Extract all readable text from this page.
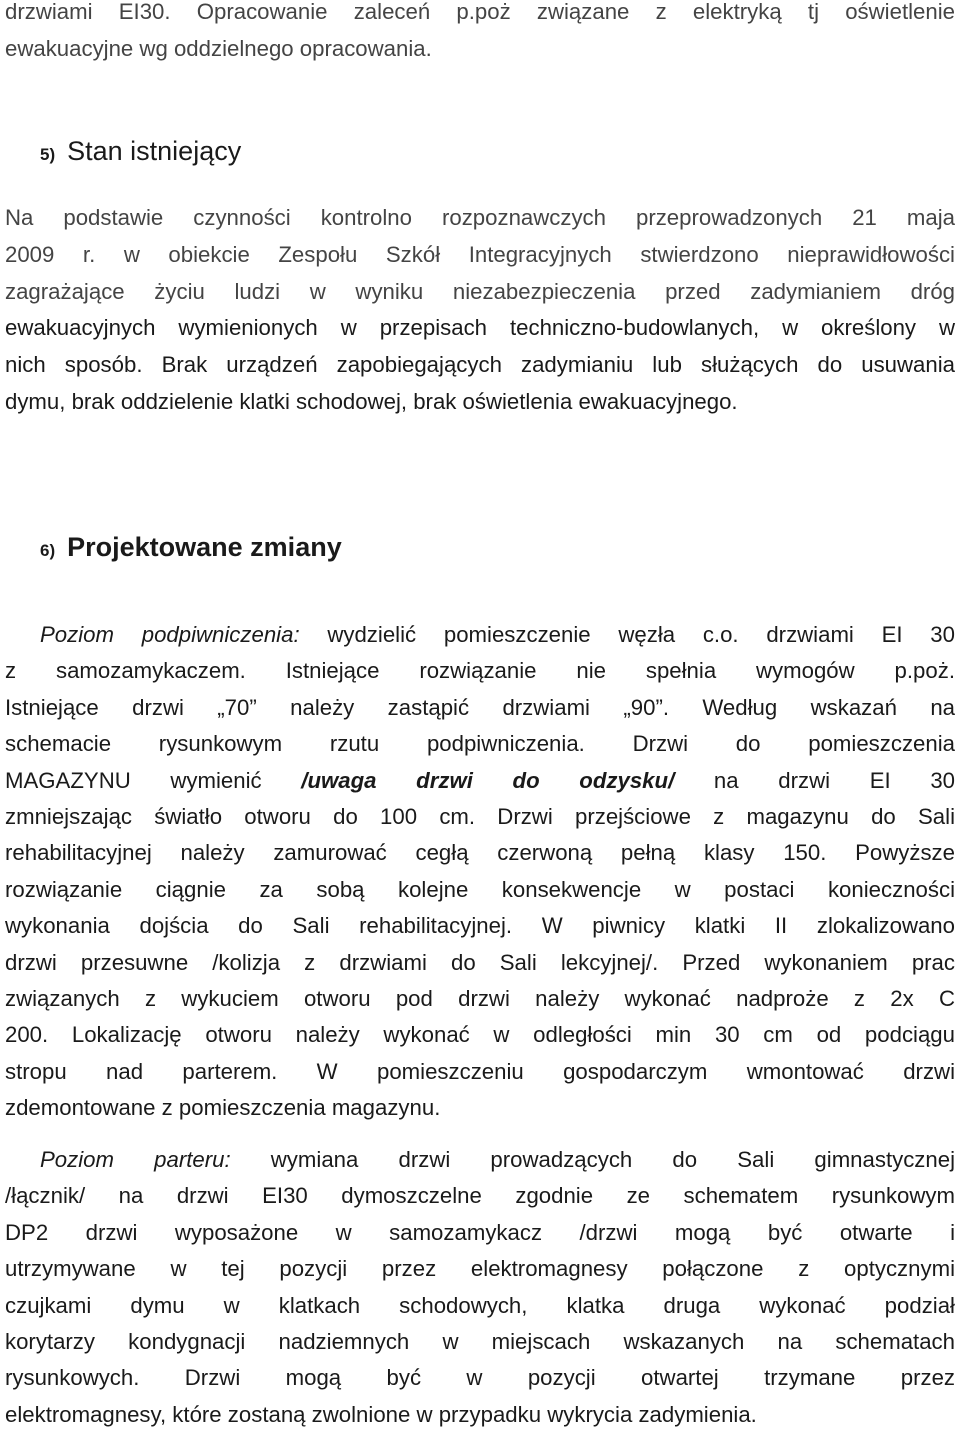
drzwiami EI30. Opracowanie zaleceń p.poż związane z elektryką tj oświetlenie

ewakuacyjne wg oddzielnego opracowania.

5) Stan istniejący

Na podstawie czynności kontrolno rozpoznawczych przeprowadzonych 21 maja

2009 r. w obiekcie Zespołu Szkół Integracyjnych stwierdzono nieprawidłowości

zagrażające życiu ludzi w wyniku niezabezpieczenia przed zadymianiem dróg

ewakuacyjnych wymienionych w przepisach techniczno-budowlanych, w określony w

nich sposób. Brak urządzeń zapobiegających zadymianiu lub służących do usuwania

dymu, brak oddzielenie klatki schodowej, brak oświetlenia ewakuacyjnego.

6) Projektowane zmiany

Poziom podpiwniczenia: wydzielić pomieszczenie węzła c.o. drzwiami EI 30

z samozamykaczem. Istniejące rozwiązanie nie spełnia wymogów p.poż.

Istniejące drzwi „70” należy zastąpić drzwiami „90”. Według wskazań na

schemacie rysunkowym rzutu podpiwniczenia. Drzwi do pomieszczenia

MAGAZYNU wymienić /uwaga drzwi do odzysku/ na drzwi EI 30

zmniejszając światło otworu do 100 cm. Drzwi przejściowe z magazynu do Sali

rehabilitacyjnej należy zamurować cegłą czerwoną pełną klasy 150. Powyższe

rozwiązanie ciągnie za sobą kolejne konsekwencje w postaci konieczności

wykonania dojścia do Sali rehabilitacyjnej. W piwnicy klatki II zlokalizowano

drzwi przesuwne /kolizja z drzwiami do Sali lekcyjnej/. Przed wykonaniem prac

związanych z wykuciem otworu pod drzwi należy wykonać nadproże z 2x C

200. Lokalizację otworu należy wykonać w odległości min 30 cm od podciągu

stropu nad parterem. W pomieszczeniu gospodarczym wmontować drzwi

zdemontowane z pomieszczenia magazynu.

Poziom parteru: wymiana drzwi prowadzących do Sali gimnastycznej

/łącznik/ na drzwi EI30 dymoszczelne zgodnie ze schematem rysunkowym

DP2 drzwi wyposażone w samozamykacz /drzwi mogą być otwarte i

utrzymywane w tej pozycji przez elektromagnesy połączone z optycznymi

czujkami dymu w klatkach schodowych, klatka druga wykonać podział

korytarzy kondygnacji nadziemnych w miejscach wskazanych na schematach

rysunkowych. Drzwi mogą być w pozycji otwartej trzymane przez

elektromagnesy, które zostaną zwolnione w przypadku wykrycia zadymienia.
